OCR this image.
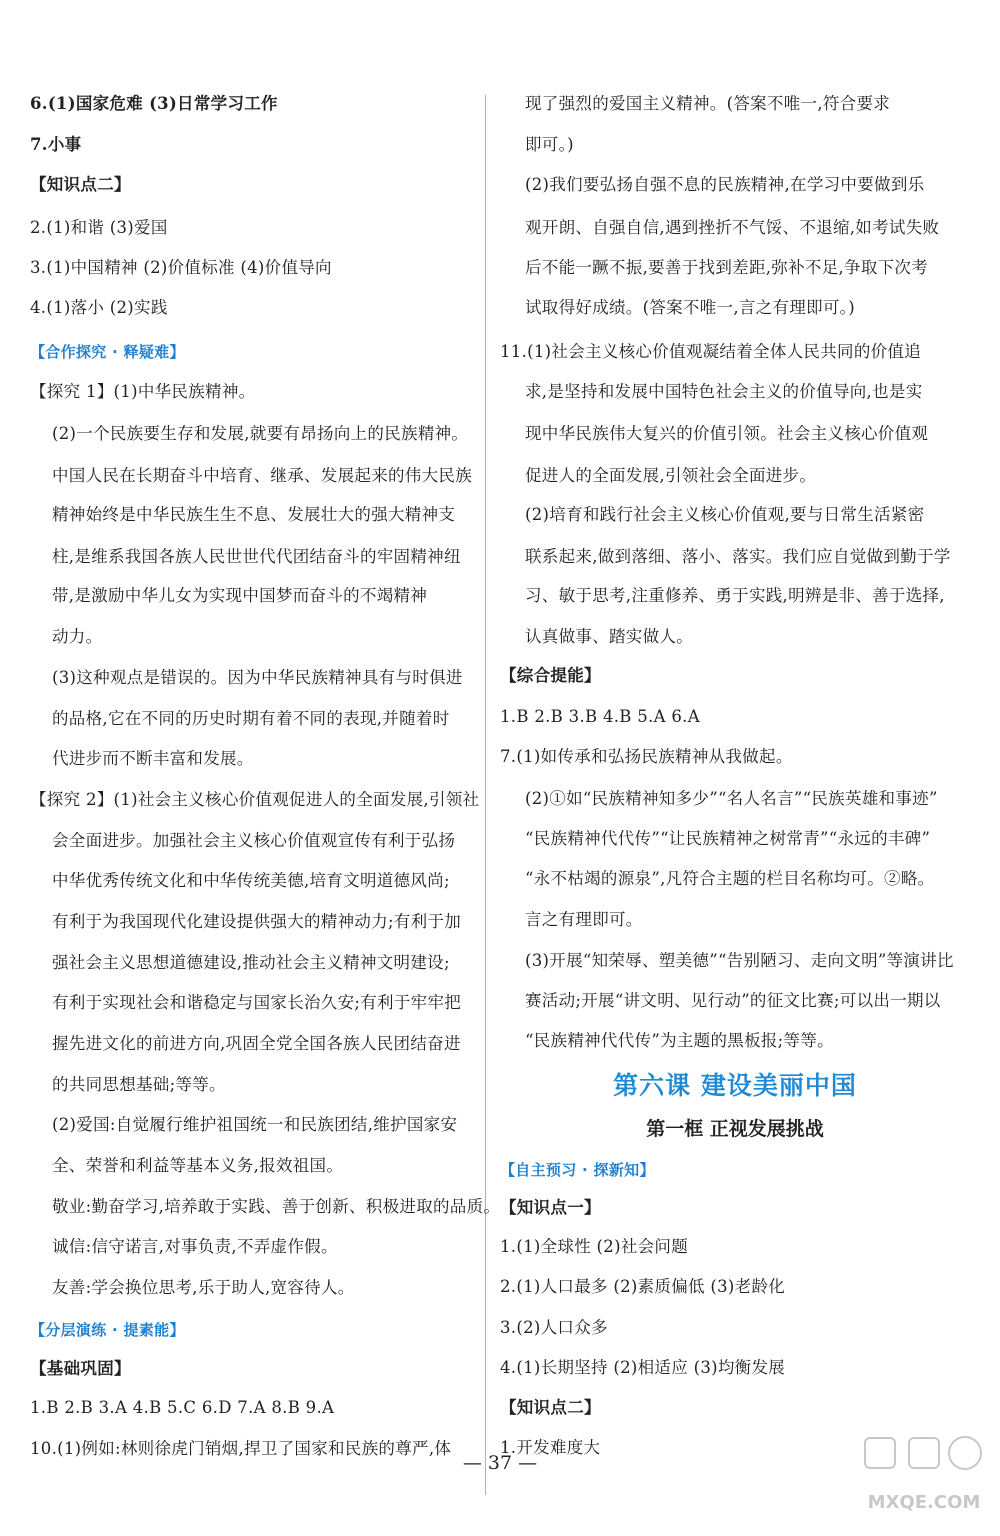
6.(1)国家危难 (3)日常学习工作
7.小事
【知识点二】
2.(1)和谐 (3)爱国
3.(1)中国精神 (2)价值标准 (4)价值导向
4.(1)落小 (2)实践
【合作探究 · 释疑难】
【探究 1】(1)中华民族精神。
(2)一个民族要生存和发展,就要有昂扬向上的民族精神。
中国人民在长期奋斗中培育、继承、发展起来的伟大民族
精神始终是中华民族生生不息、发展壮大的强大精神支
柱,是维系我国各族人民世世代代团结奋斗的牢固精神纽
带,是激励中华儿女为实现中国梦而奋斗的不竭精神
动力。
(3)这种观点是错误的。因为中华民族精神具有与时俱进
的品格,它在不同的历史时期有着不同的表现,并随着时
代进步而不断丰富和发展。
【探究 2】(1)社会主义核心价值观促进人的全面发展,引领社
会全面进步。加强社会主义核心价值观宣传有利于弘扬
中华优秀传统文化和中华传统美德,培育文明道德风尚;
有利于为我国现代化建设提供强大的精神动力;有利于加
强社会主义思想道德建设,推动社会主义精神文明建设;
有利于实现社会和谐稳定与国家长治久安;有利于牢牢把
握先进文化的前进方向,巩固全党全国各族人民团结奋进
的共同思想基础;等等。
(2)爱国:自觉履行维护祖国统一和民族团结,维护国家安
全、荣誉和利益等基本义务,报效祖国。
敬业:勤奋学习,培养敢于实践、善于创新、积极进取的品质。
诚信:信守诺言,对事负责,不弄虚作假。
友善:学会换位思考,乐于助人,宽容待人。
【分层演练 · 提素能】
【基础巩固】
1.B 2.B 3.A 4.B 5.C 6.D 7.A 8.B 9.A
10.(1)例如:林则徐虎门销烟,捍卫了国家和民族的尊严,体
现了强烈的爱国主义精神。(答案不唯一,符合要求
即可。)
(2)我们要弘扬自强不息的民族精神,在学习中要做到乐
观开朗、自强自信,遇到挫折不气馁、不退缩,如考试失败
后不能一蹶不振,要善于找到差距,弥补不足,争取下次考
试取得好成绩。(答案不唯一,言之有理即可。)
11.(1)社会主义核心价值观凝结着全体人民共同的价值追
求,是坚持和发展中国特色社会主义的价值导向,也是实
现中华民族伟大复兴的价值引领。社会主义核心价值观
促进人的全面发展,引领社会全面进步。
(2)培育和践行社会主义核心价值观,要与日常生活紧密
联系起来,做到落细、落小、落实。我们应自觉做到勤于学
习、敏于思考,注重修养、勇于实践,明辨是非、善于选择,
认真做事、踏实做人。
【综合提能】
1.B 2.B 3.B 4.B 5.A 6.A
7.(1)如传承和弘扬民族精神从我做起。
(2)①如“民族精神知多少”“名人名言”“民族英雄和事迹”
“民族精神代代传”“让民族精神之树常青”“永远的丰碑”
“永不枯竭的源泉”,凡符合主题的栏目名称均可。②略。
言之有理即可。
(3)开展“知荣辱、塑美德”“告别陋习、走向文明”等演讲比
赛活动;开展“讲文明、见行动”的征文比赛;可以出一期以
“民族精神代代传”为主题的黑板报;等等。
第六课 建设美丽中国
第一框 正视发展挑战
【自主预习 · 探新知】
【知识点一】
1.(1)全球性 (2)社会问题
2.(1)人口最多 (2)素质偏低 (3)老龄化
3.(2)人口众多
4.(1)长期坚持 (2)相适应 (3)均衡发展
【知识点二】
1.开发难度大
— 37 —
MXQE.COM
